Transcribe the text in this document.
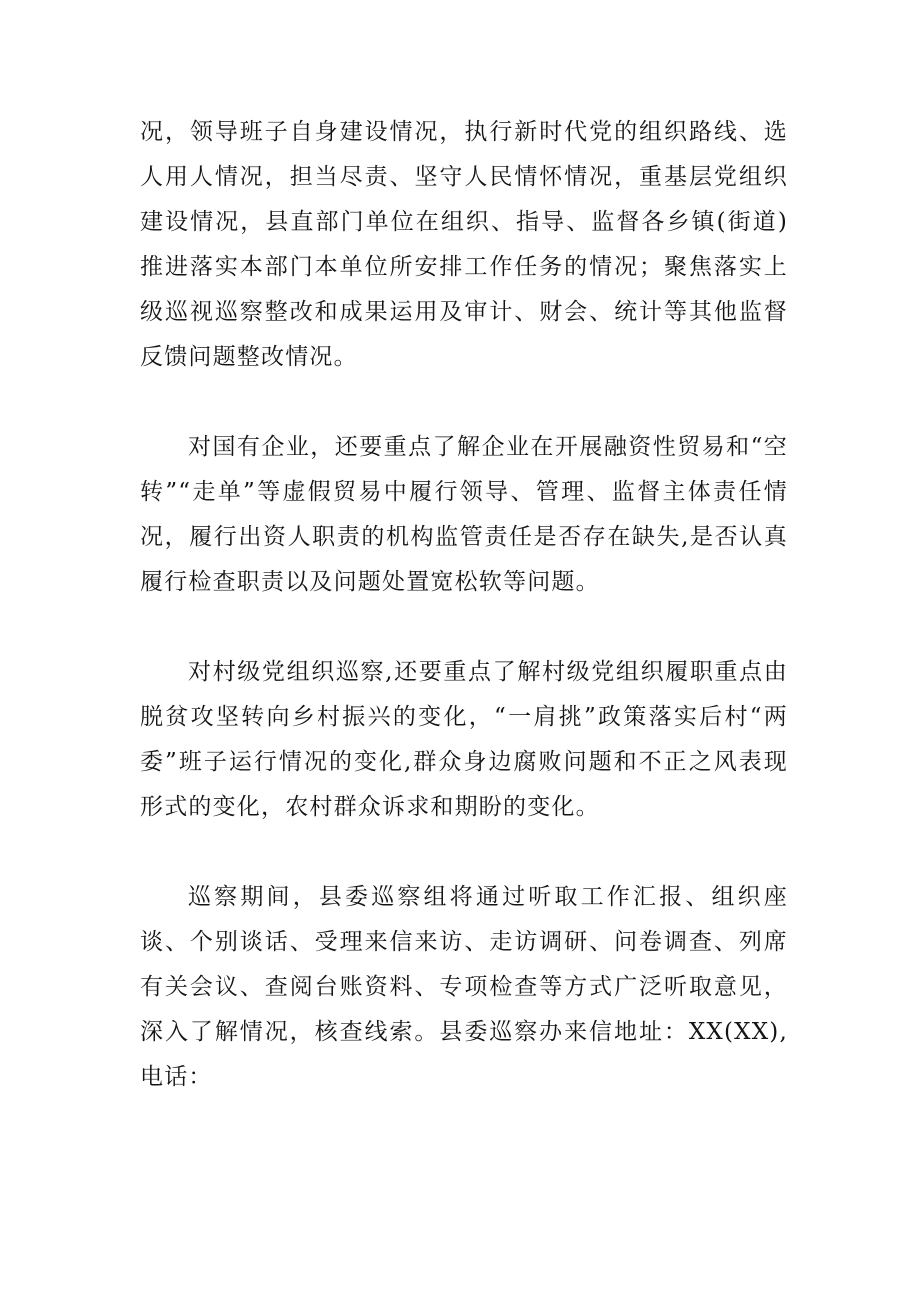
况，领导班子自身建设情况，执行新时代党的组织路线、选人用人情况，担当尽责、坚守人民情怀情况，重基层党组织建设情况，县直部门单位在组织、指导、监督各乡镇(街道)推进落实本部门本单位所安排工作任务的情况；聚焦落实上级巡视巡察整改和成果运用及审计、财会、统计等其他监督反馈问题整改情况。

对国有企业，还要重点了解企业在开展融资性贸易和“空转”“走单”等虚假贸易中履行领导、管理、监督主体责任情况，履行出资人职责的机构监管责任是否存在缺失,是否认真履行检查职责以及问题处置宽松软等问题。

对村级党组织巡察,还要重点了解村级党组织履职重点由脱贫攻坚转向乡村振兴的变化，“一肩挑”政策落实后村“两委”班子运行情况的变化,群众身边腐败问题和不正之风表现形式的变化，农村群众诉求和期盼的变化。

巡察期间，县委巡察组将通过听取工作汇报、组织座谈、个别谈话、受理来信来访、走访调研、问卷调查、列席有关会议、查阅台账资料、专项检查等方式广泛听取意见，深入了解情况，核查线索。县委巡察办来信地址：XX(XX),电话：
